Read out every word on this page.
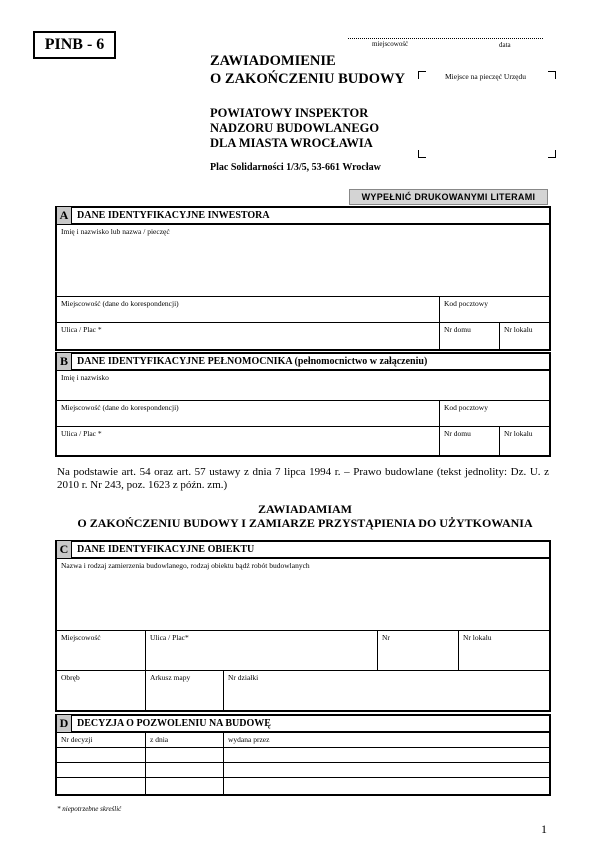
PINB - 6	miejscowość	data
ZAWIADOMIENIE
O ZAKOŃCZENIU BUDOWY	Miejsce na pieczęć Urzędu
POWIATOWY INSPEKTOR
NADZORU BUDOWLANEGO
DLA MIASTA WROCŁAWIA
Plac Solidarności 1/3/5, 53-661 Wrocław
WYPEŁNIĆ DRUKOWANYMI LITERAMI
A DANE IDENTYFIKACYJNE INWESTORA
Imię i nazwisko lub nazwa / pieczęć
Miejscowość (dane do korespondencji)	Kod pocztowy
Ulica / Plac *	Nr domu	Nr lokalu
B DANE IDENTYFIKACYJNE PEŁNOMOCNIKA (pełnomocnictwo w załączeniu)
Imię i nazwisko
Miejscowość (dane do korespondencji)	Kod pocztowy
Ulica / Plac *	Nr domu	Nr lokalu
Na podstawie art. 54 oraz art. 57 ustawy z dnia 7 lipca 1994 r. – Prawo budowlane (tekst jednolity: Dz. U. z 2010 r. Nr 243, poz. 1623 z późn. zm.)
ZAWIADAMIAM
O ZAKOŃCZENIU BUDOWY I ZAMIARZE PRZYSTĄPIENIA DO UŻYTKOWANIA
C DANE IDENTYFIKACYJNE OBIEKTU
Nazwa i rodzaj zamierzenia budowlanego, rodzaj obiektu bądź robót budowlanych
Miejscowość	Ulica / Plac*	Nr	Nr lokalu
Obręb	Arkusz mapy	Nr działki
D DECYZJA O POZWOLENIU NA BUDOWĘ
Nr decyzji	z dnia	wydana przez
* niepotrzebne skreślić
1
